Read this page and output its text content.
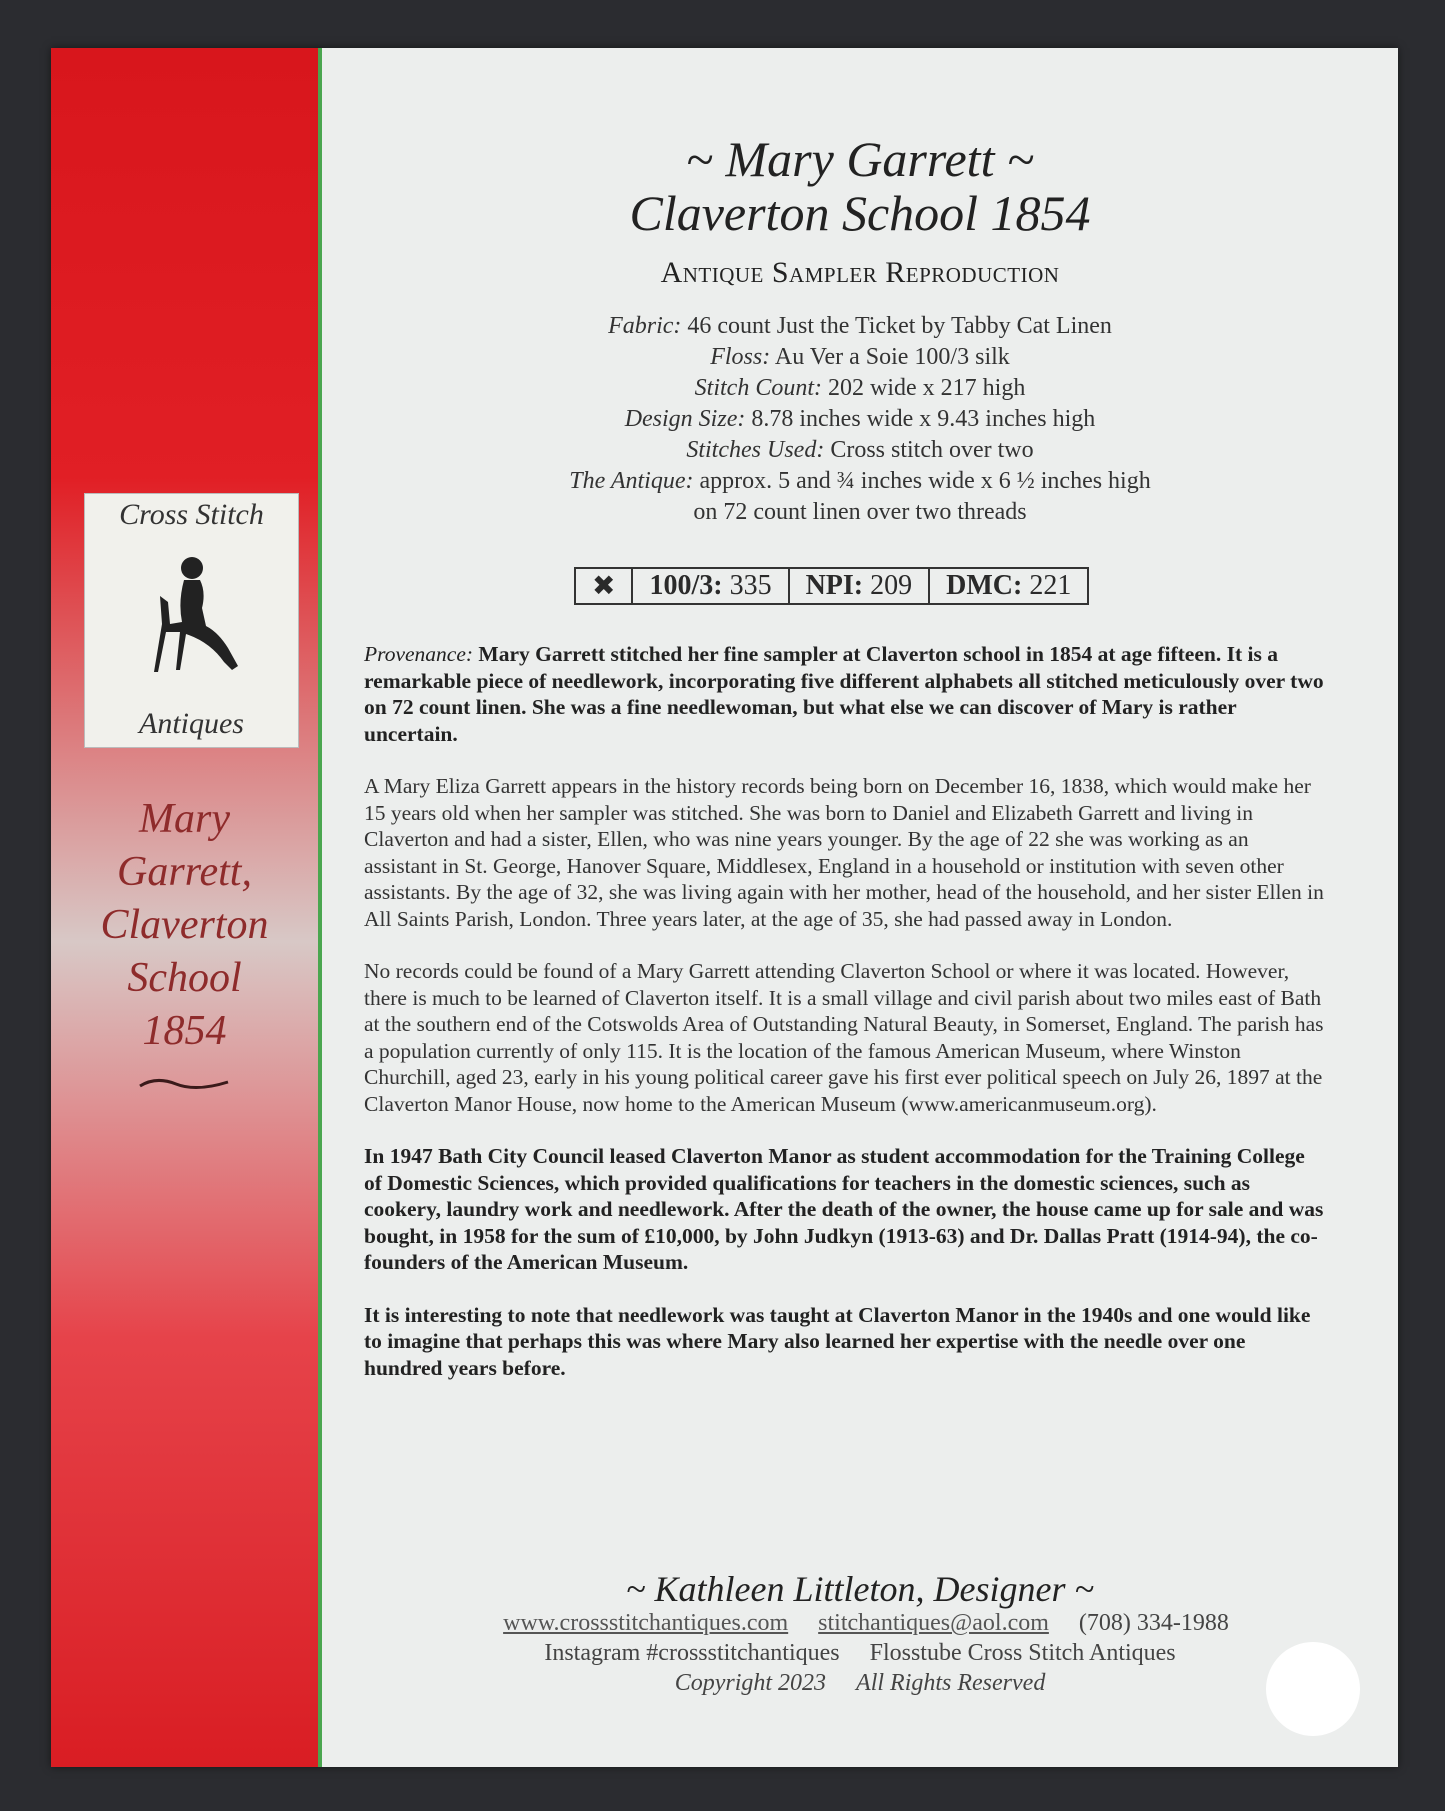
Cross Stitch
Antiques
Mary
Garrett,
Claverton
School
1854
~ Mary Garrett ~
Claverton School 1854
Antique Sampler Reproduction
Fabric: 46 count Just the Ticket by Tabby Cat Linen
Floss: Au Ver a Soie 100/3 silk
Stitch Count: 202 wide x 217 high
Design Size: 8.78 inches wide x 9.43 inches high
Stitches Used: Cross stitch over two
The Antique: approx. 5 and ¾ inches wide x 6 ½ inches high
on 72 count linen over two threads
✖	100/3: 335	NPI: 209	DMC: 221

Provenance: Mary Garrett stitched her fine sampler at Claverton school in 1854 at age fifteen. It is a remarkable piece of needlework, incorporating five different alphabets all stitched meticulously over two on 72 count linen. She was a fine needlewoman, but what else we can discover of Mary is rather uncertain.

A Mary Eliza Garrett appears in the history records being born on December 16, 1838, which would make her 15 years old when her sampler was stitched. She was born to Daniel and Elizabeth Garrett and living in Claverton and had a sister, Ellen, who was nine years younger. By the age of 22 she was working as an assistant in St. George, Hanover Square, Middlesex, England in a household or institution with seven other assistants. By the age of 32, she was living again with her mother, head of the household, and her sister Ellen in All Saints Parish, London. Three years later, at the age of 35, she had passed away in London.

No records could be found of a Mary Garrett attending Claverton School or where it was located. However, there is much to be learned of Claverton itself. It is a small village and civil parish about two miles east of Bath at the southern end of the Cotswolds Area of Outstanding Natural Beauty, in Somerset, England. The parish has a population currently of only 115. It is the location of the famous American Museum, where Winston Churchill, aged 23, early in his young political career gave his first ever political speech on July 26, 1897 at the Claverton Manor House, now home to the American Museum (www.americanmuseum.org).

In 1947 Bath City Council leased Claverton Manor as student accommodation for the Training College of Domestic Sciences, which provided qualifications for teachers in the domestic sciences, such as cookery, laundry work and needlework. After the death of the owner, the house came up for sale and was bought, in 1958 for the sum of £10,000, by John Judkyn (1913-63) and Dr. Dallas Pratt (1914-94), the co-founders of the American Museum.

It is interesting to note that needlework was taught at Claverton Manor in the 1940s and one would like to imagine that perhaps this was where Mary also learned her expertise with the needle over one hundred years before.

~ Kathleen Littleton, Designer ~
www.crossstitchantiques.com stitchantiques@aol.com (708) 334-1988
Instagram #crossstitchantiques Flosstube Cross Stitch Antiques
Copyright 2023 All Rights Reserved
